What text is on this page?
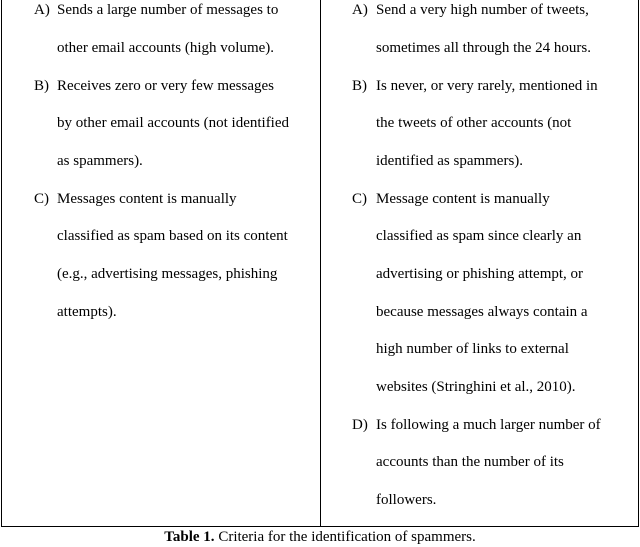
A) Sends a large number of messages to
other email accounts (high volume).
B) Receives zero or very few messages
by other email accounts (not identified
as spammers).
C) Messages content is manually
classified as spam based on its content
(e.g., advertising messages, phishing
attempts).
A) Send a very high number of tweets,
sometimes all through the 24 hours.
B) Is never, or very rarely, mentioned in
the tweets of other accounts (not
identified as spammers).
C) Message content is manually
classified as spam since clearly an
advertising or phishing attempt, or
because messages always contain a
high number of links to external
websites (Stringhini et al., 2010).
D) Is following a much larger number of
accounts than the number of its
followers.
Table 1. Criteria for the identification of spammers.
